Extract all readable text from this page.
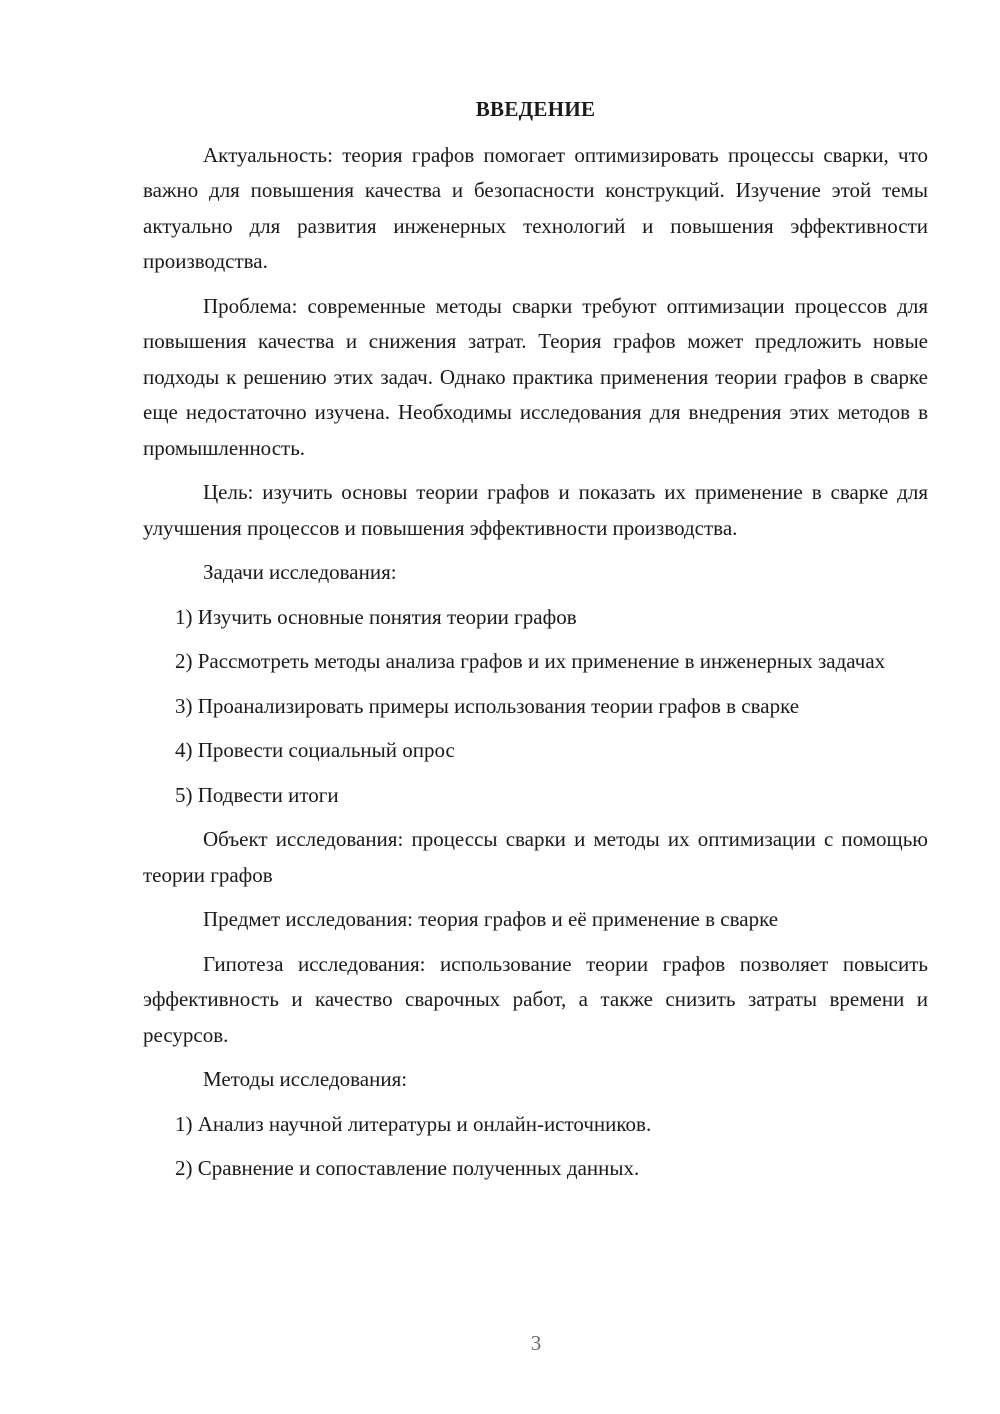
ВВЕДЕНИЕ

Актуальность: теория графов помогает оптимизировать процессы сварки, что важно для повышения качества и безопасности конструкций. Изучение этой темы актуально для развития инженерных технологий и повышения эффективности производства.

Проблема: современные методы сварки требуют оптимизации процессов для повышения качества и снижения затрат. Теория графов может предложить новые подходы к решению этих задач. Однако практика применения теории графов в сварке еще недостаточно изучена. Необходимы исследования для внедрения этих методов в промышленность.

Цель: изучить основы теории графов и показать их применение в сварке для улучшения процессов и повышения эффективности производства.

Задачи исследования:

1) Изучить основные понятия теории графов

2) Рассмотреть методы анализа графов и их применение в инженерных задачах

3) Проанализировать примеры использования теории графов в сварке

4) Провести социальный опрос

5) Подвести итоги

Объект исследования: процессы сварки и методы их оптимизации с помощью теории графов

Предмет исследования: теория графов и её применение в сварке

Гипотеза исследования: использование теории графов позволяет повысить эффективность и качество сварочных работ, а также снизить затраты времени и ресурсов.

Методы исследования:

1) Анализ научной литературы и онлайн-источников.

2) Сравнение и сопоставление полученных данных.

3
